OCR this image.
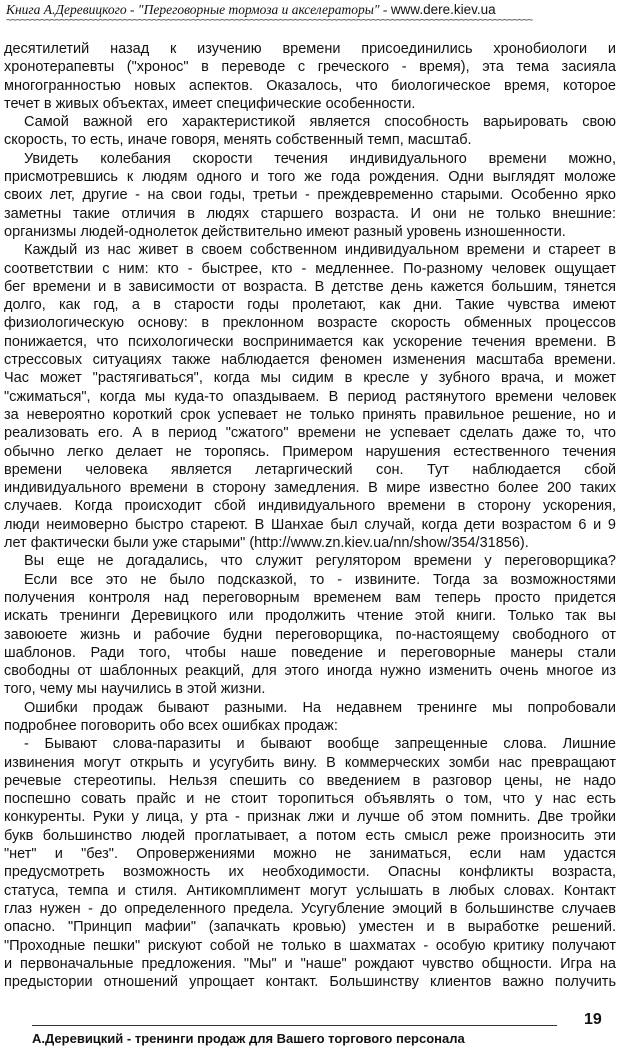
Книга А.Деревицкого - "Переговорные тормоза и акселераторы" - www.dere.kiev.ua
~~~~~~~~~~~~~~~~~~~~~~~~~~~~~~~~~~~~~~~~~~~~~~~~~~~~~~~~~~~~~~~~~~~~~~~~~~~~~~~~~~~~~~~~~~~~~~~~~~~~~~~~~~~~
десятилетий назад к изучению времени присоединились хронобиологи и
хронотерапевты ("хронос" в переводе с греческого - время), эта тема засияла
многогранностью новых аспектов. Оказалось, что биологическое время, которое
течет в живых объектах, имеет специфические особенности.
Самой важной его характеристикой является способность варьировать свою
скорость, то есть, иначе говоря, менять собственный темп, масштаб.
Увидеть колебания скорости течения индивидуального времени можно,
присмотревшись к людям одного и того же года рождения. Одни выглядят моложе
своих лет, другие - на свои годы, третьи - преждевременно старыми. Особенно ярко
заметны такие отличия в людях старшего возраста. И они не только внешние:
организмы людей-однолеток действительно имеют разный уровень изношенности.
Каждый из нас живет в своем собственном индивидуальном времени и стареет в
соответствии с ним: кто - быстрее, кто - медленнее. По-разному человек ощущает
бег времени и в зависимости от возраста. В детстве день кажется большим, тянется
долго, как год, а в старости годы пролетают, как дни. Такие чувства имеют
физиологическую основу: в преклонном возрасте скорость обменных процессов
понижается, что психологически воспринимается как ускорение течения времени. В
стрессовых ситуациях также наблюдается феномен изменения масштаба времени.
Час может "растягиваться", когда мы сидим в кресле у зубного врача, и может
"сжиматься", когда мы куда-то опаздываем. В период растянутого времени человек
за невероятно короткий срок успевает не только принять правильное решение, но и
реализовать его. А в период "сжатого" времени не успевает сделать даже то, что
обычно легко делает не торопясь. Примером нарушения естественного течения
времени человека является летаргический сон. Тут наблюдается сбой
индивидуального времени в сторону замедления. В мире известно более 200 таких
случаев. Когда происходит сбой индивидуального времени в сторону ускорения,
люди неимоверно быстро стареют. В Шанхае был случай, когда дети возрастом 6 и 9
лет фактически были уже старыми" (http://www.zn.kiev.ua/nn/show/354/31856).
Вы еще не догадались, что служит регулятором времени у переговорщика?
Если все это не было подсказкой, то - извините. Тогда за возможностями
получения контроля над переговорным временем вам теперь просто придется
искать тренинги Деревицкого или продолжить чтение этой книги. Только так вы
завоюете жизнь и рабочие будни переговорщика, по-настоящему свободного от
шаблонов. Ради того, чтобы наше поведение и переговорные манеры стали
свободны от шаблонных реакций, для этого иногда нужно изменить очень многое из
того, чему мы научились в этой жизни.
Ошибки продаж бывают разными. На недавнем тренинге мы попробовали
подробнее поговорить обо всех ошибках продаж:
- Бывают слова-паразиты и бывают вообще запрещенные слова. Лишние
извинения могут открыть и усугубить вину. В коммерческих зомби нас превращают
речевые стереотипы. Нельзя спешить со введением в разговор цены, не надо
поспешно совать прайс и не стоит торопиться объявлять о том, что у нас есть
конкуренты. Руки у лица, у рта - признак лжи и лучше об этом помнить. Две тройки
букв большинство людей проглатывает, а потом есть смысл реже произносить эти
"нет" и "без". Опровержениями можно не заниматься, если нам удастся
предусмотреть возможность их необходимости. Опасны конфликты возраста,
статуса, темпа и стиля. Антикомплимент могут услышать в любых словах. Контакт
глаз нужен - до определенного предела. Усугубление эмоций в большинстве случаев
опасно. "Принцип мафии" (запачкать кровью) уместен и в выработке решений.
"Проходные пешки" рискуют собой не только в шахматах - особую критику получают
и первоначальные предложения. "Мы" и "наше" рождают чувство общности. Игра на
предыстории отношений упрощает контакт. Большинству клиентов важно получить
19
А.Деревицкий - тренинги продаж для Вашего торгового персонала
